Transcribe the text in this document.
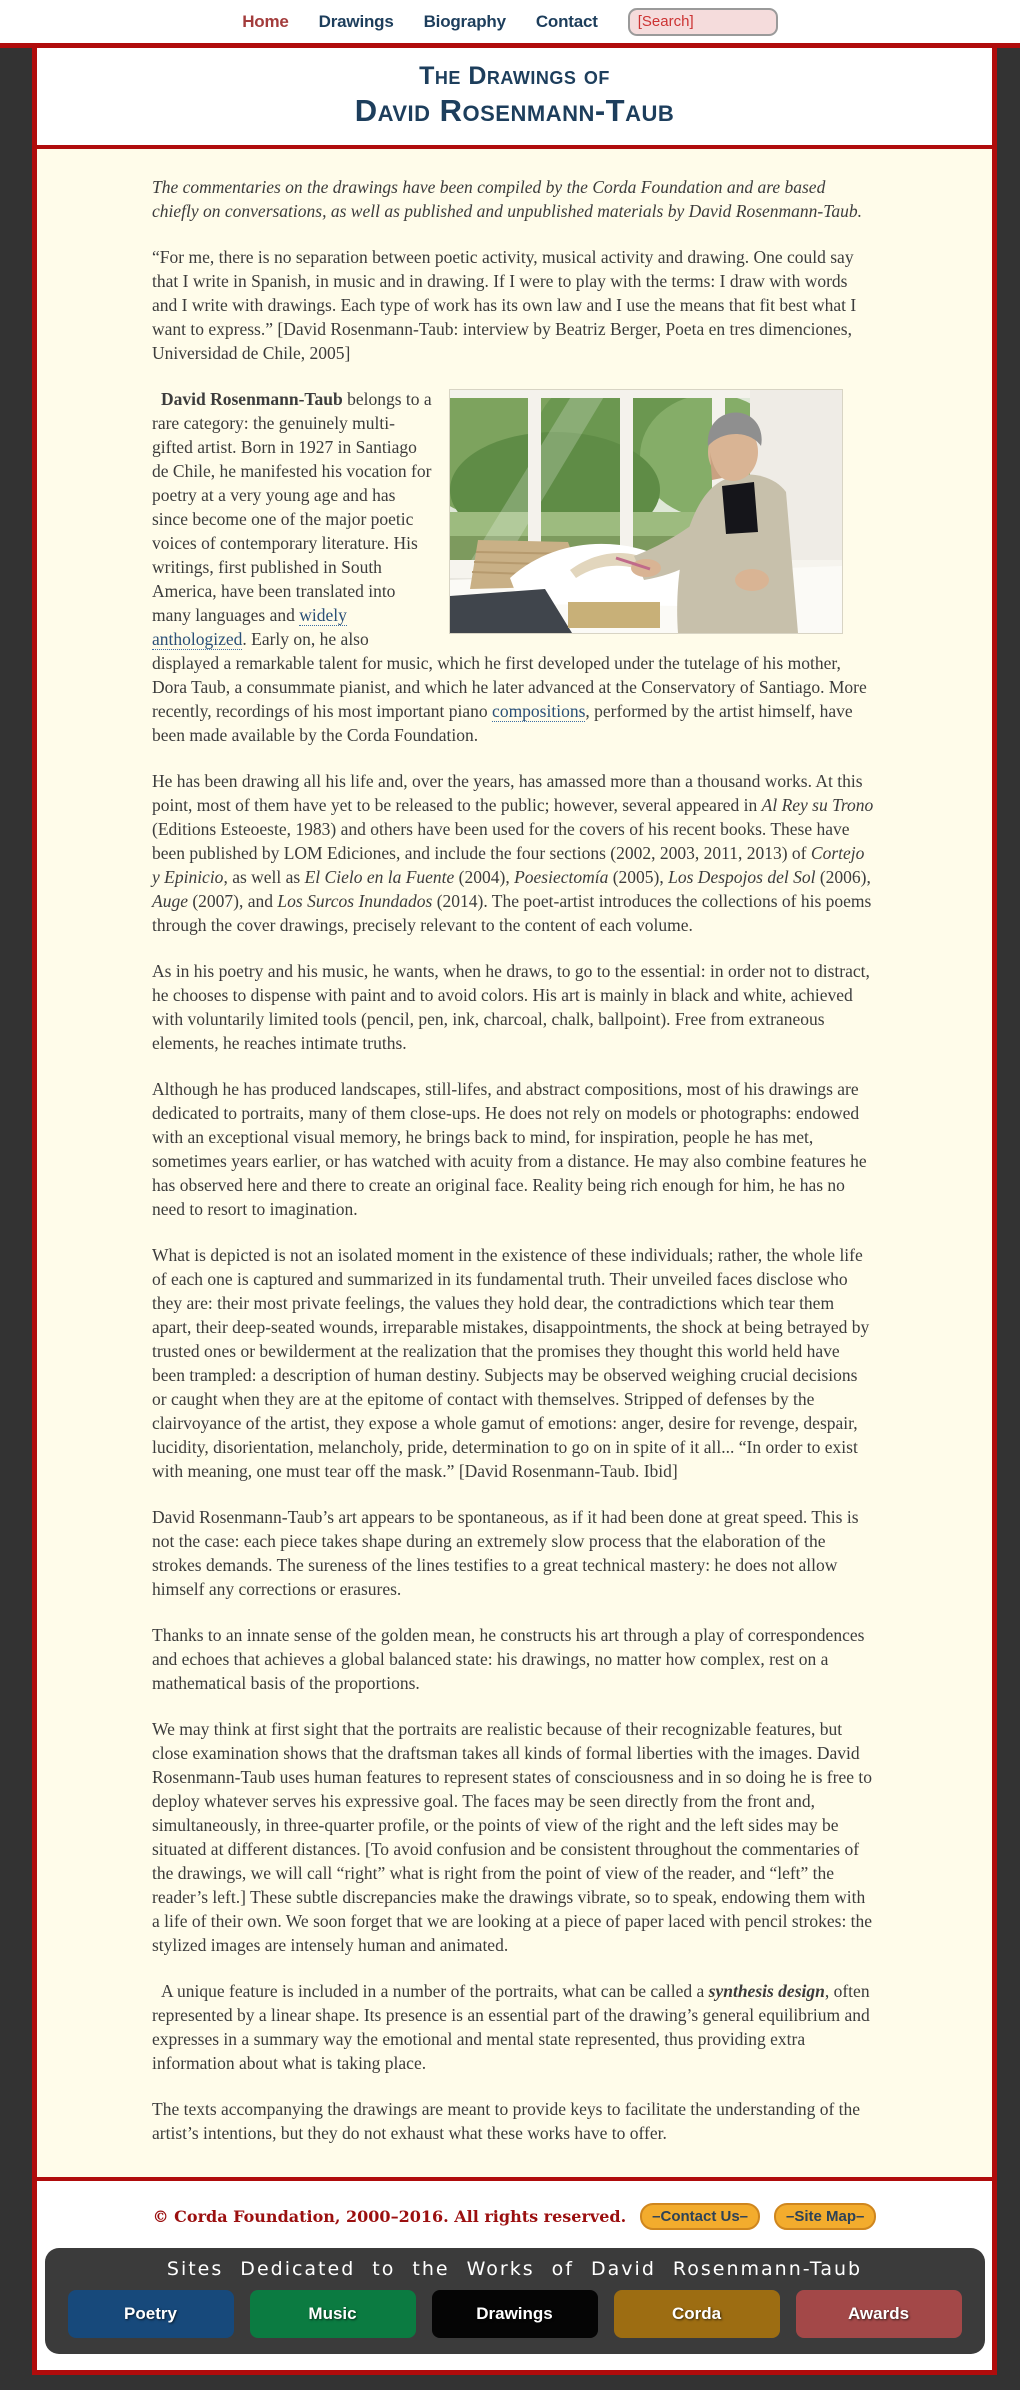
Home Drawings Biography Contact
[Search]
The Drawings of
David Rosenmann-Taub

The commentaries on the drawings have been compiled by the Corda Foundation and are based chiefly on conversations, as well as published and unpublished materials by David Rosenmann-Taub.

“For me, there is no separation between poetic activity, musical activity and drawing. One could say that I write in Spanish, in music and in drawing. If I were to play with the terms: I draw with words and I write with drawings. Each type of work has its own law and I use the means that fit best what I want to express.” [David Rosenmann-Taub: interview by Beatriz Berger, Poeta en tres dimenciones, Universidad de Chile, 2005]

David Rosenmann-Taub belongs to a rare category: the genuinely multi-gifted artist. Born in 1927 in Santiago de Chile, he manifested his vocation for poetry at a very young age and has since become one of the major poetic voices of contemporary literature. His writings, first published in South America, have been translated into many languages and widely anthologized. Early on, he also displayed a remarkable talent for music, which he first developed under the tutelage of his mother, Dora Taub, a consummate pianist, and which he later advanced at the Conservatory of Santiago. More recently, recordings of his most important piano compositions, performed by the artist himself, have been made available by the Corda Foundation.

He has been drawing all his life and, over the years, has amassed more than a thousand works. At this point, most of them have yet to be released to the public; however, several appeared in Al Rey su Trono (Editions Esteoeste, 1983) and others have been used for the covers of his recent books. These have been published by LOM Ediciones, and include the four sections (2002, 2003, 2011, 2013) of Cortejo y Epinicio, as well as El Cielo en la Fuente (2004), Poesiectomía (2005), Los Despojos del Sol (2006), Auge (2007), and Los Surcos Inundados (2014). The poet-artist introduces the collections of his poems through the cover drawings, precisely relevant to the content of each volume.

As in his poetry and his music, he wants, when he draws, to go to the essential: in order not to distract, he chooses to dispense with paint and to avoid colors. His art is mainly in black and white, achieved with voluntarily limited tools (pencil, pen, ink, charcoal, chalk, ballpoint). Free from extraneous elements, he reaches intimate truths.

Although he has produced landscapes, still-lifes, and abstract compositions, most of his drawings are dedicated to portraits, many of them close-ups. He does not rely on models or photographs: endowed with an exceptional visual memory, he brings back to mind, for inspiration, people he has met, sometimes years earlier, or has watched with acuity from a distance. He may also combine features he has observed here and there to create an original face. Reality being rich enough for him, he has no need to resort to imagination.

What is depicted is not an isolated moment in the existence of these individuals; rather, the whole life of each one is captured and summarized in its fundamental truth. Their unveiled faces disclose who they are: their most private feelings, the values they hold dear, the contradictions which tear them apart, their deep-seated wounds, irreparable mistakes, disappointments, the shock at being betrayed by trusted ones or bewilderment at the realization that the promises they thought this world held have been trampled: a description of human destiny. Subjects may be observed weighing crucial decisions or caught when they are at the epitome of contact with themselves. Stripped of defenses by the clairvoyance of the artist, they expose a whole gamut of emotions: anger, desire for revenge, despair, lucidity, disorientation, melancholy, pride, determination to go on in spite of it all... “In order to exist with meaning, one must tear off the mask.” [David Rosenmann-Taub. Ibid]

David Rosenmann-Taub’s art appears to be spontaneous, as if it had been done at great speed. This is not the case: each piece takes shape during an extremely slow process that the elaboration of the strokes demands. The sureness of the lines testifies to a great technical mastery: he does not allow himself any corrections or erasures.

Thanks to an innate sense of the golden mean, he constructs his art through a play of correspondences and echoes that achieves a global balanced state: his drawings, no matter how complex, rest on a mathematical basis of the proportions.

We may think at first sight that the portraits are realistic because of their recognizable features, but close examination shows that the draftsman takes all kinds of formal liberties with the images. David Rosenmann-Taub uses human features to represent states of consciousness and in so doing he is free to deploy whatever serves his expressive goal. The faces may be seen directly from the front and, simultaneously, in three-quarter profile, or the points of view of the right and the left sides may be situated at different distances. [To avoid confusion and be consistent throughout the commentaries of the drawings, we will call “right” what is right from the point of view of the reader, and “left” the reader’s left.] These subtle discrepancies make the drawings vibrate, so to speak, endowing them with a life of their own. We soon forget that we are looking at a piece of paper laced with pencil strokes: the stylized images are intensely human and animated.

A unique feature is included in a number of the portraits, what can be called a synthesis design, often represented by a linear shape. Its presence is an essential part of the drawing’s general equilibrium and expresses in a summary way the emotional and mental state represented, thus providing extra information about what is taking place.

The texts accompanying the drawings are meant to provide keys to facilitate the understanding of the artist’s intentions, but they do not exhaust what these works have to offer.

© Corda Foundation, 2000–2016. All rights reserved.	–Contact Us–	–Site Map–
Sites Dedicated to the Works of David Rosenmann-Taub
Poetry	Music	Drawings	Corda	Awards
